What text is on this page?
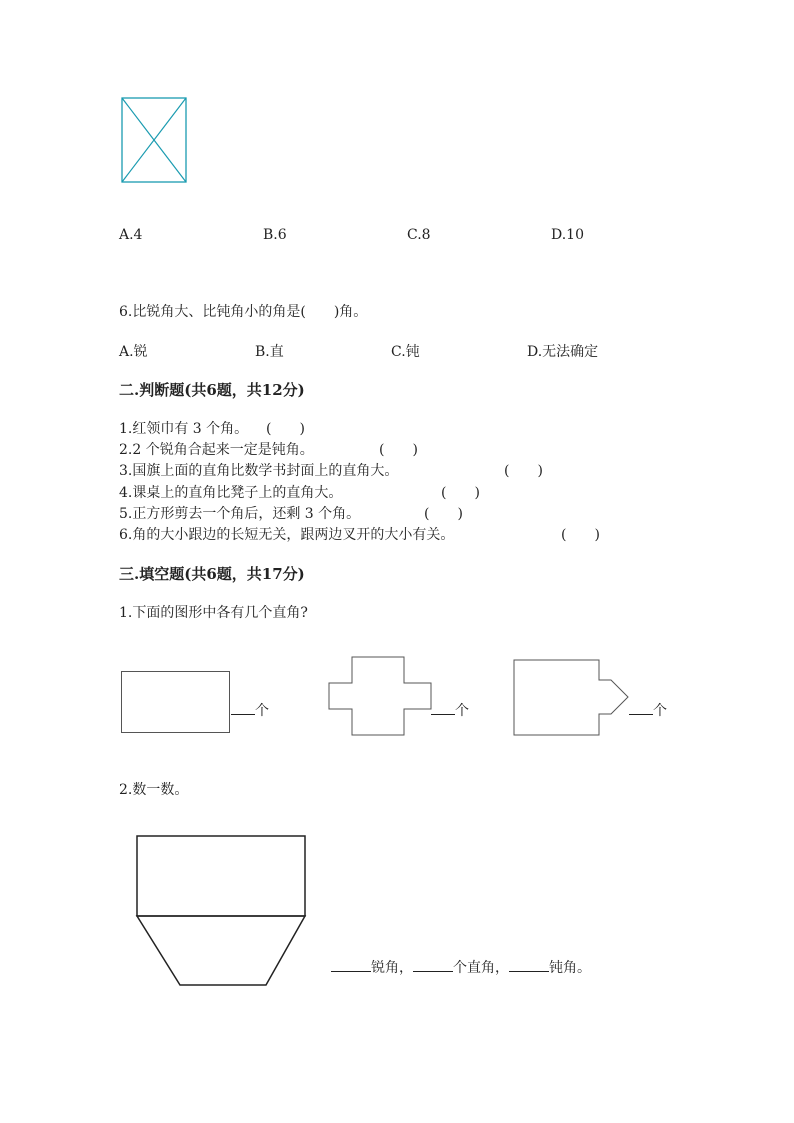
A.4	B.6	C.8	D.10
6.比锐角大、比钝角小的角是(　　)角。
A.锐	B.直	C.钝	D.无法确定
二.判断题(共6题，共12分)
1.红领巾有 3 个角。 (　　)
2.2 个锐角合起来一定是钝角。	(　　)
3.国旗上面的直角比数学书封面上的直角大。	(　　)
4.课桌上的直角比凳子上的直角大。	(　　)
5.正方形剪去一个角后，还剩 3 个角。	(　　)
6.角的大小跟边的长短无关，跟两边叉开的大小有关。	(　　)
三.填空题(共6题，共17分)
1.下面的图形中各有几个直角?
个	个	个
2.数一数。
锐角，	个直角，	钝角。
